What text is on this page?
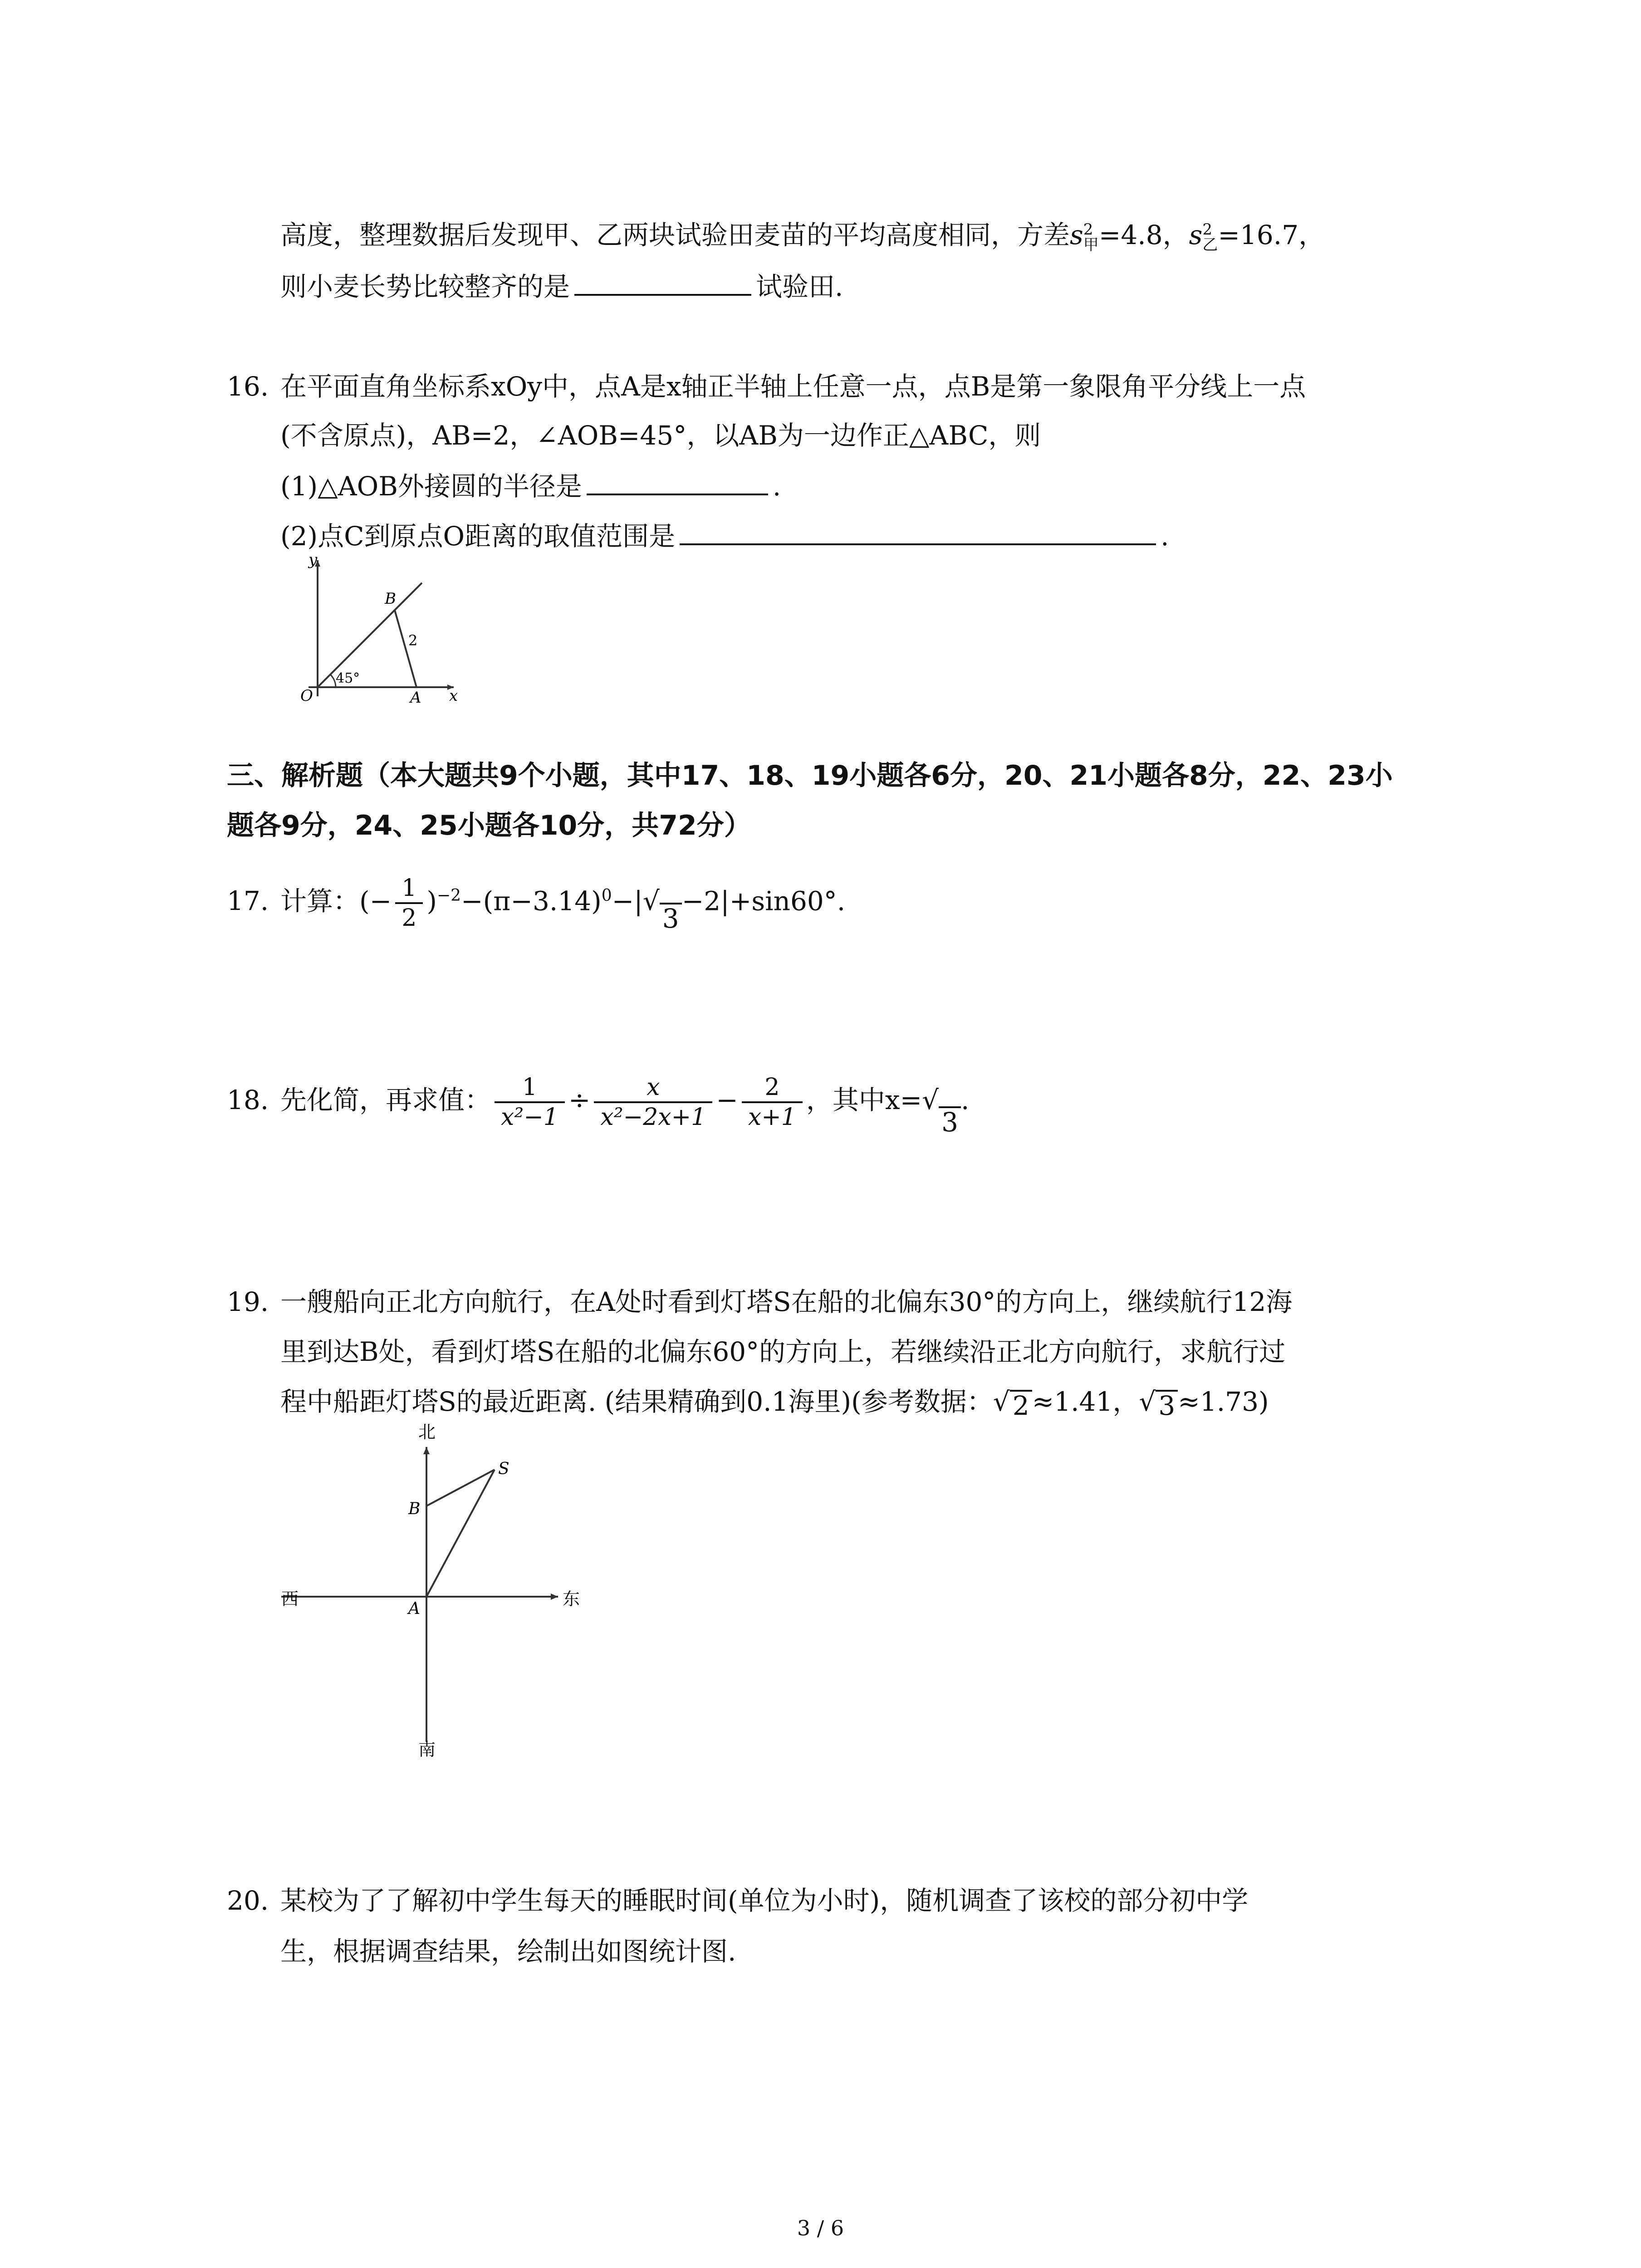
高度，整理数据后发现甲、乙两块试验田麦苗的平均高度相同，方差s 2
甲 =4.8，s 2
乙 =16.7，
则小麦长势比较整齐的是	试验田.
16. 在平面直角坐标系xOy中，点A是x轴正半轴上任意一点，点B是第一象限角平分线上一点
(不含原点)，AB=2，∠AOB=45°，以AB为一边作正△ABC，则
(1)△AOB外接圆的半径是	.
(2)点C到原点O距离的取值范围是	.
y
x
O	A
B
2
45°
三、解析题（本大题共9个小题，其中17、18、19小题各6分，20、21小题各8分，22、23小
题各9分，24、25小题各10分，共72分）
17. 计算：(− $\frac{1}{2} )^{-2}-(\pi-3.14)^0-|$ √
3
−2|+sin60°.
18. 先化简，再求值： $\frac{1}{\text{x²−1}} \div \frac{x}{\text{x²−2x+1}} - \frac{2}{x+1}$ ，其中x= √
3
.
19. 一艘船向正北方向航行，在A处时看到灯塔S在船的北偏东30°的方向上，继续航行12海
里到达B处，看到灯塔S在船的北偏东60°的方向上，若继续沿正北方向航行，求航行过
程中船距灯塔S的最近距离. (结果精确到0.1海里)(参考数据： √ 2 ≈1.41， √ 3 ≈1.73)
北
南
西	东
A
B
S
20. 某校为了了解初中学生每天的睡眠时间(单位为小时)，随机调查了该校的部分初中学
生，根据调查结果，绘制出如图统计图.
3 / 6
